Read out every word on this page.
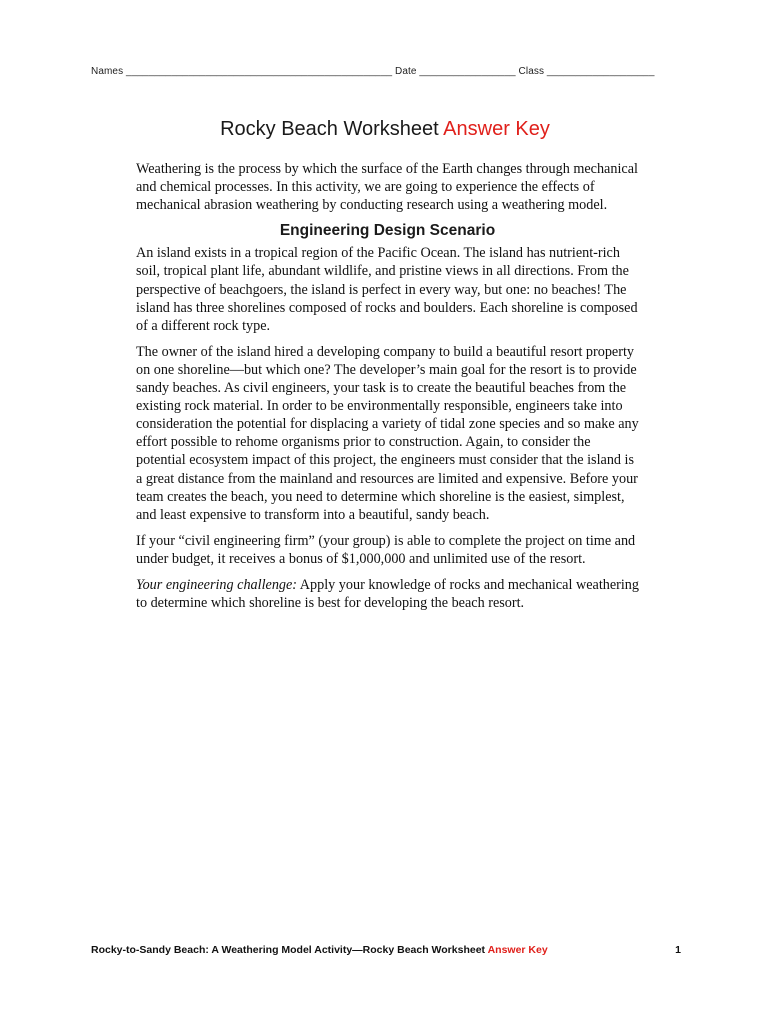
Names _______________________________________________ Date _________________ Class ___________________
Rocky Beach Worksheet Answer Key

Weathering is the process by which the surface of the Earth changes through mechanical and chemical processes. In this activity, we are going to experience the effects of mechanical abrasion weathering by conducting research using a weathering model.

Engineering Design Scenario

An island exists in a tropical region of the Pacific Ocean. The island has nutrient-rich soil, tropical plant life, abundant wildlife, and pristine views in all directions. From the perspective of beachgoers, the island is perfect in every way, but one: no beaches! The island has three shorelines composed of rocks and boulders. Each shoreline is composed of a different rock type.

The owner of the island hired a developing company to build a beautiful resort property on one shoreline—but which one? The developer’s main goal for the resort is to provide sandy beaches. As civil engineers, your task is to create the beautiful beaches from the existing rock material. In order to be environmentally responsible, engineers take into consideration the potential for displacing a variety of tidal zone species and so make any effort possible to rehome organisms prior to construction. Again, to consider the potential ecosystem impact of this project, the engineers must consider that the island is a great distance from the mainland and resources are limited and expensive. Before your team creates the beach, you need to determine which shoreline is the easiest, simplest, and least expensive to transform into a beautiful, sandy beach.

If your “civil engineering firm” (your group) is able to complete the project on time and under budget, it receives a bonus of $1,000,000 and unlimited use of the resort.

Your engineering challenge: Apply your knowledge of rocks and mechanical weathering to determine which shoreline is best for developing the beach resort.

Rocky-to-Sandy Beach: A Weathering Model Activity—Rocky Beach Worksheet Answer Key	1
